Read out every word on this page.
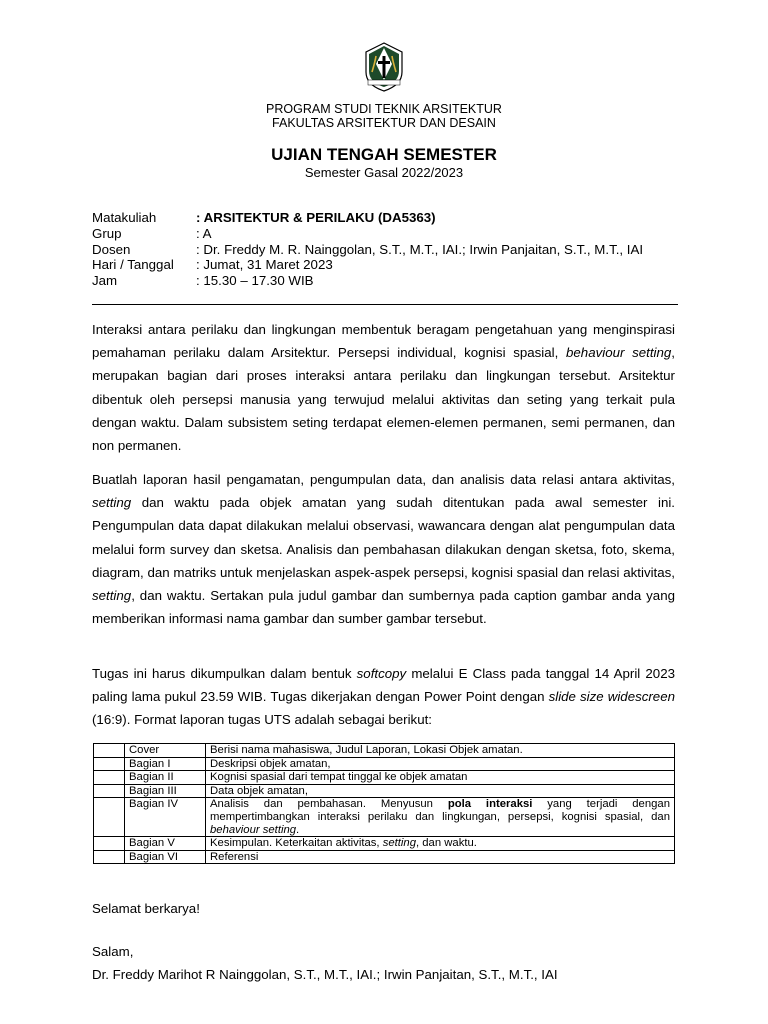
PROGRAM STUDI TEKNIK ARSITEKTUR
FAKULTAS ARSITEKTUR DAN DESAIN
UJIAN TENGAH SEMESTER
Semester Gasal 2022/2023
Matakuliah	: ARSITEKTUR & PERILAKU (DA5363)
Grup	: A
Dosen	: Dr. Freddy M. R. Nainggolan, S.T., M.T., IAI.; Irwin Panjaitan, S.T., M.T., IAI
Hari / Tanggal	: Jumat, 31 Maret 2023
Jam	: 15.30 – 17.30 WIB

Interaksi antara perilaku dan lingkungan membentuk beragam pengetahuan yang menginspirasi pemahaman perilaku dalam Arsitektur. Persepsi individual, kognisi spasial, behaviour setting, merupakan bagian dari proses interaksi antara perilaku dan lingkungan tersebut. Arsitektur dibentuk oleh persepsi manusia yang terwujud melalui aktivitas dan seting yang terkait pula dengan waktu. Dalam subsistem seting terdapat elemen-elemen permanen, semi permanen, dan non permanen.

Buatlah laporan hasil pengamatan, pengumpulan data, dan analisis data relasi antara aktivitas, setting dan waktu pada objek amatan yang sudah ditentukan pada awal semester ini. Pengumpulan data dapat dilakukan melalui observasi, wawancara dengan alat pengumpulan data melalui form survey dan sketsa. Analisis dan pembahasan dilakukan dengan sketsa, foto, skema, diagram, dan matriks untuk menjelaskan aspek-aspek persepsi, kognisi spasial dan relasi aktivitas, setting, dan waktu. Sertakan pula judul gambar dan sumbernya pada caption gambar anda yang memberikan informasi nama gambar dan sumber gambar tersebut.

Tugas ini harus dikumpulkan dalam bentuk softcopy melalui E Class pada tanggal 14 April 2023 paling lama pukul 23.59 WIB. Tugas dikerjakan dengan Power Point dengan slide size widescreen (16:9). Format laporan tugas UTS adalah sebagai berikut:

	Cover	Berisi nama mahasiswa, Judul Laporan, Lokasi Objek amatan.
	Bagian I	Deskripsi objek amatan,
	Bagian II	Kognisi spasial dari tempat tinggal ke objek amatan
	Bagian III	Data objek amatan,
	Bagian IV	Analisis dan pembahasan. Menyusun pola interaksi yang terjadi dengan mempertimbangkan interaksi perilaku dan lingkungan, persepsi, kognisi spasial, dan behaviour setting.
	Bagian V	Kesimpulan. Keterkaitan aktivitas, setting, dan waktu.
	Bagian VI	Referensi
Selamat berkarya!
Salam,
Dr. Freddy Marihot R Nainggolan, S.T., M.T., IAI.; Irwin Panjaitan, S.T., M.T., IAI
